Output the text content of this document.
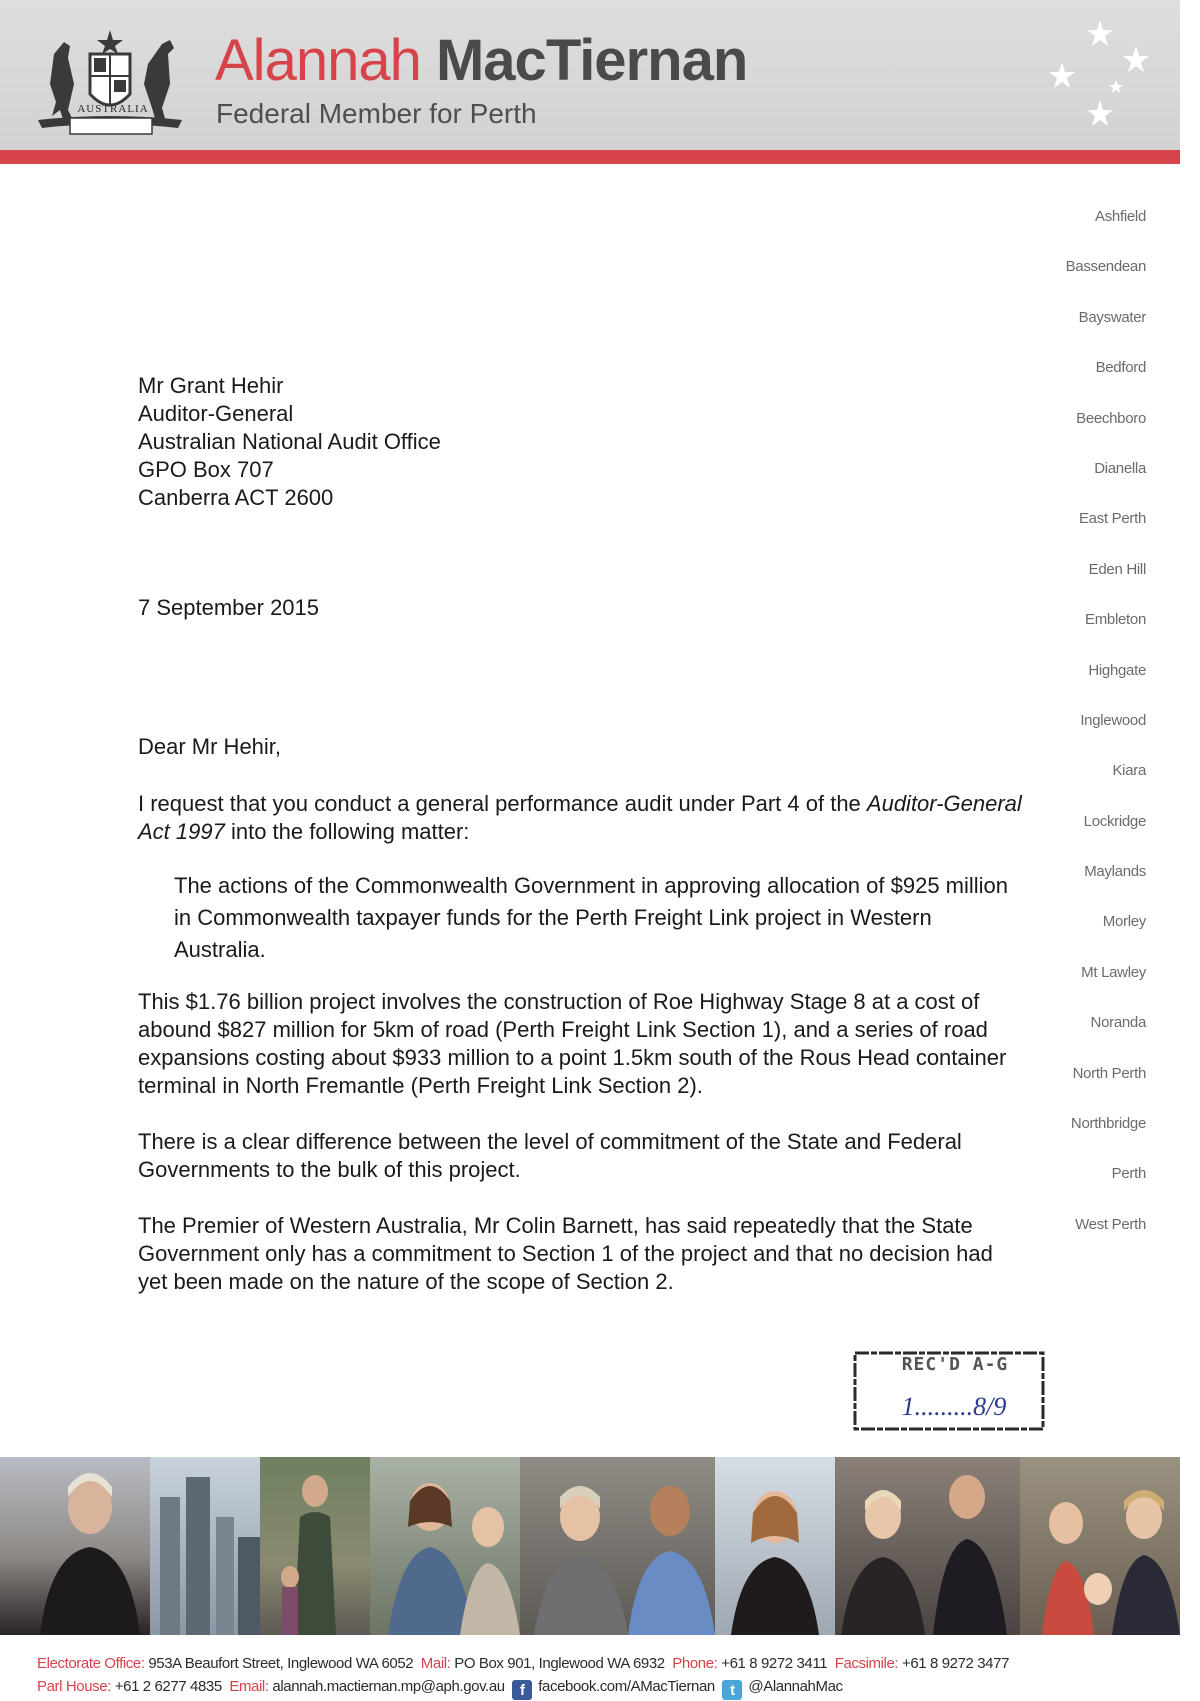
AUSTRALIA
Alannah MacTiernan
Federal Member for Perth
Ashfield
Bassendean
Bayswater
Bedford
Beechboro
Dianella
East Perth
Eden Hill
Embleton
Highgate
Inglewood
Kiara
Lockridge
Maylands
Morley
Mt Lawley
Noranda
North Perth
Northbridge
Perth
West Perth
Mr Grant Hehir
Auditor-General
Australian National Audit Office
GPO Box 707
Canberra ACT 2600
7 September 2015
Dear Mr Hehir,
I request that you conduct a general performance audit under Part 4 of the Auditor-General Act 1997 into the following matter:
The actions of the Commonwealth Government in approving allocation of $925 million in Commonwealth taxpayer funds for the Perth Freight Link project in Western Australia.
This $1.76 billion project involves the construction of Roe Highway Stage 8 at a cost of abound $827 million for 5km of road (Perth Freight Link Section 1), and a series of road expansions costing about $933 million to a point 1.5km south of the Rous Head container terminal in North Fremantle (Perth Freight Link Section 2).
There is a clear difference between the level of commitment of the State and Federal Governments to the bulk of this project.
The Premier of Western Australia, Mr Colin Barnett, has said repeatedly that the State Government only has a commitment to Section 1 of the project and that no decision had yet been made on the nature of the scope of Section 2.
REC'D A-G
1.........8/9
Electorate Office: 953A Beaufort Street, Inglewood WA 6052 Mail: PO Box 901, Inglewood WA 6932 Phone: +61 8 9272 3411 Facsimile: +61 8 9272 3477
Parl House: +61 2 6277 4835 Email: alannah.mactiernan.mp@aph.gov.au f facebook.com/AMacTiernan t @AlannahMac
